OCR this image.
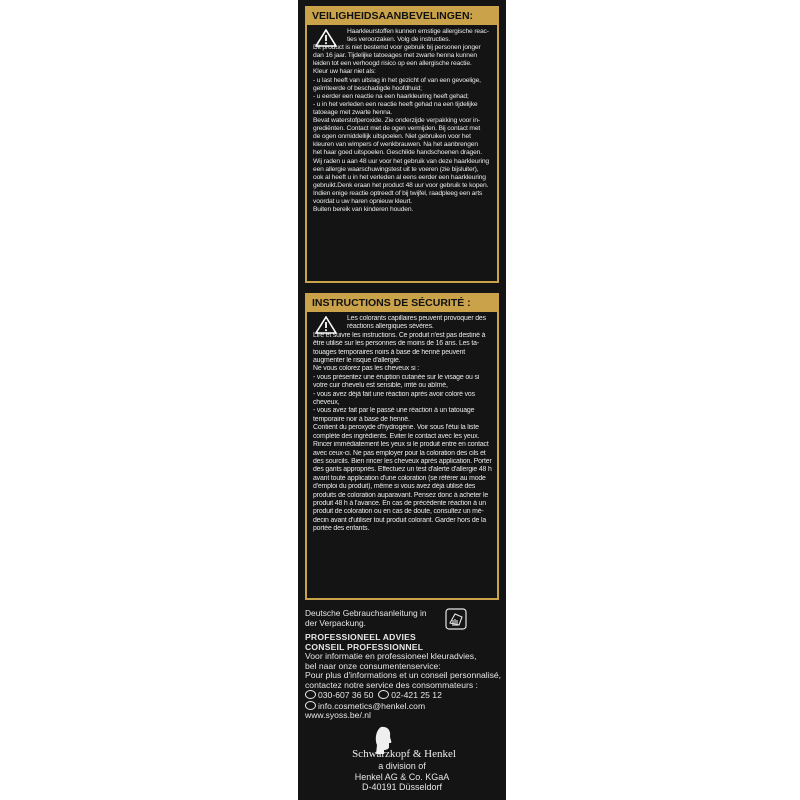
VEILIGHEIDSAANBEVELINGEN:
Haarkleurstoffen kunnen ernstige allergische reac-
ties veroorzaken. Volg de instructies.
Dit product is niet bestemd voor gebruik bij personen jonger
dan 16 jaar. Tijdelijke tatoeages met zwarte henna kunnen
leiden tot een verhoogd risico op een allergische reactie.
Kleur uw haar niet als:
- u last heeft van uitslag in het gezicht of van een gevoelige,
geïrriteerde of beschadigde hoofdhuid;
- u eerder een reactie na een haarkleuring heeft gehad;
- u in het verleden een reactie heeft gehad na een tijdelijke
tatoeage met zwarte henna.
Bevat waterstofperoxide. Zie onderzijde verpakking voor in-
grediënten. Contact met de ogen vermijden. Bij contact met
de ogen onmiddellijk uitspoelen. Niet gebruiken voor het
kleuren van wimpers of wenkbrauwen. Na het aanbrengen
het haar goed uitspoelen. Geschikte handschoenen dragen.
Wij raden u aan 48 uur voor het gebruik van deze haarkleuring
een allergie waarschuwingstest uit te voeren (zie bijsluiter),
ook al heeft u in het verleden al eens eerder een haarkleuring
gebruikt.Denk eraan het product 48 uur voor gebruik te kopen.
Indien enige reactie optreedt of bij twijfel, raadpleeg een arts
voordat u uw haren opnieuw kleurt.
Buiten bereik van kinderen houden.
INSTRUCTIONS DE SÉCURITÉ :
Les colorants capillaires peuvent provoquer des
réactions allergiques sévères.
Lire et suivre les instructions. Ce produit n'est pas destiné à
être utilisé sur les personnes de moins de 16 ans. Les ta-
touages temporaires noirs à base de henné peuvent
augmenter le risque d'allergie.
Ne vous colorez pas les cheveux si :
- vous présentez une éruption cutanée sur le visage ou si
votre cuir chevelu est sensible, irrité ou abîmé,
- vous avez déjà fait une réaction après avoir coloré vos
cheveux,
- vous avez fait par le passé une réaction à un tatouage
temporaire noir à base de henné.
Contient du peroxyde d'hydrogène. Voir sous l'étui la liste
complète des ingrédients. Éviter le contact avec les yeux.
Rincer immédiatement les yeux si le produit entre en contact
avec ceux-ci. Ne pas employer pour la coloration des cils et
des sourcils. Bien rincer les cheveux après application. Porter
des gants appropriés. Effectuez un test d'alerte d'allergie 48 h
avant toute application d'une coloration (se référer au mode
d'emploi du produit), même si vous avez déjà utilisé des
produits de coloration auparavant. Pensez donc à acheter le
produit 48 h à l'avance. En cas de précédente réaction à un
produit de coloration ou en cas de doute, consultez un mé-
decin avant d'utiliser tout produit colorant. Garder hors de la
portée des enfants.
Deutsche Gebrauchsanleitung in
der Verpackung.
PROFESSIONEEL ADVIES
CONSEIL PROFESSIONNEL
Voor informatie en professioneel kleuradvies,
bel naar onze consumentenservice:
Pour plus d'informations et un conseil personnalisé,
contactez notre service des consommateurs :
030-607 36 50 02-421 25 12
info.cosmetics@henkel.com
www.syoss.be/.nl
Schwarzkopf & Henkel
a division of
Henkel AG & Co. KGaA
D-40191 Düsseldorf
